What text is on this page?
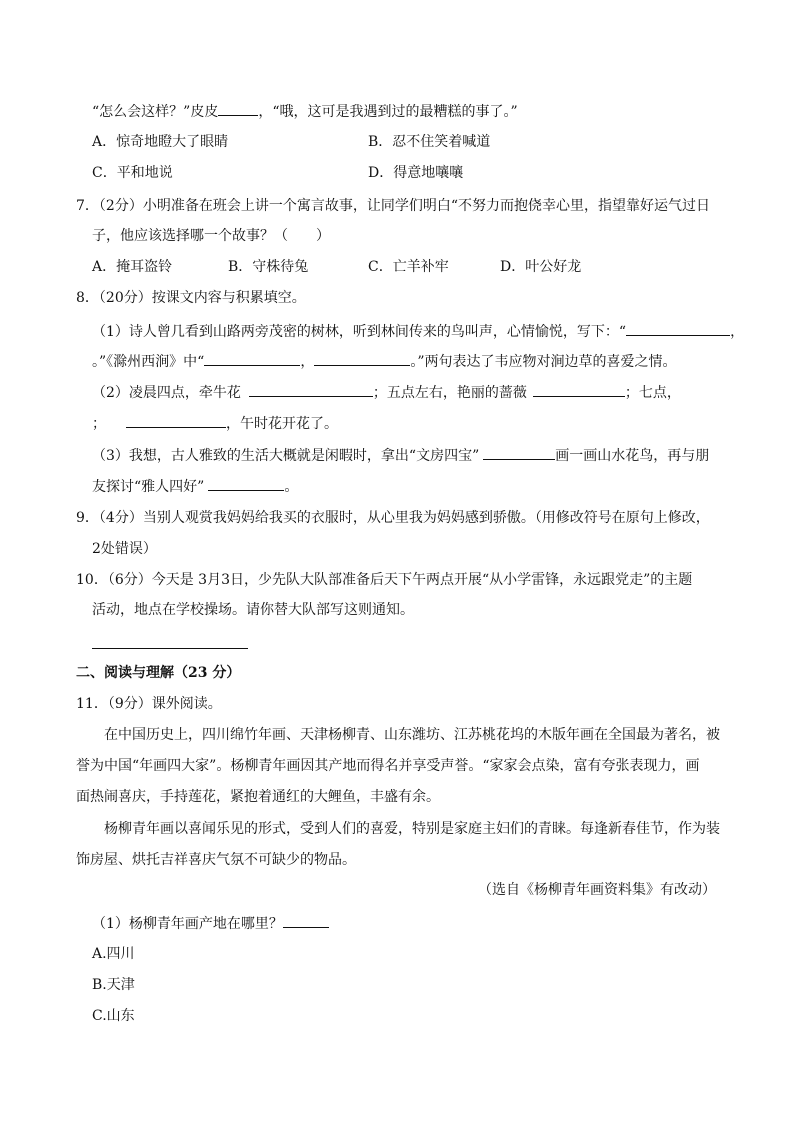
“怎么会这样？”皮皮	，“哦，这可是我遇到过的最糟糕的事了。”
A．惊奇地瞪大了眼睛	B．忍不住笑着喊道
C．平和地说	D．得意地嚷嚷
7．（2分）小明准备在班会上讲一个寓言故事，让同学们明白“不努力而抱侥幸心里，指望靠好运气过日
子，他应该选择哪一个故事？（　　）
A．掩耳盗铃	B．守株待兔	C．亡羊补牢	D．叶公好龙
8．（20分）按课文内容与积累填空。
（1）诗人曾几看到山路两旁茂密的树林，听到林间传来的鸟叫声，心情愉悦，写下：“	，
。”《滁州西涧》中“	，	。”两句表达了韦应物对涧边草的喜爱之情。
（2）凌晨四点，牵牛花	；五点左右，艳丽的蔷薇	；七点，
；	，午时花开花了。
（3）我想，古人雅致的生活大概就是闲暇时，拿出“文房四宝”	画一画山水花鸟，再与朋
友探讨“雅人四好”	。
9．（4分）当别人观赏我妈妈给我买的衣服时，从心里我为妈妈感到骄傲。（用修改符号在原句上修改，
2处错误）
10．（6分）今天是 3月3日，少先队大队部准备后天下午两点开展“从小学雷锋，永远跟党走”的主题
活动，地点在学校操场。请你替大队部写这则通知。
二、阅读与理解（23 分）
11．（9分）课外阅读。
在中国历史上，四川绵竹年画、天津杨柳青、山东潍坊、江苏桃花坞的木版年画在全国最为著名，被
誉为中国“年画四大家”。杨柳青年画因其产地而得名并享受声誉。“家家会点染，富有夸张表现力，画
面热闹喜庆，手持莲花，紧抱着通红的大鲤鱼，丰盛有余。
杨柳青年画以喜闻乐见的形式，受到人们的喜爱，特别是家庭主妇们的青睐。每逢新春佳节，作为装
饰房屋、烘托吉祥喜庆气氛不可缺少的物品。
（选自《杨柳青年画资料集》有改动）
（1）杨柳青年画产地在哪里？
A.四川
B.天津
C.山东
